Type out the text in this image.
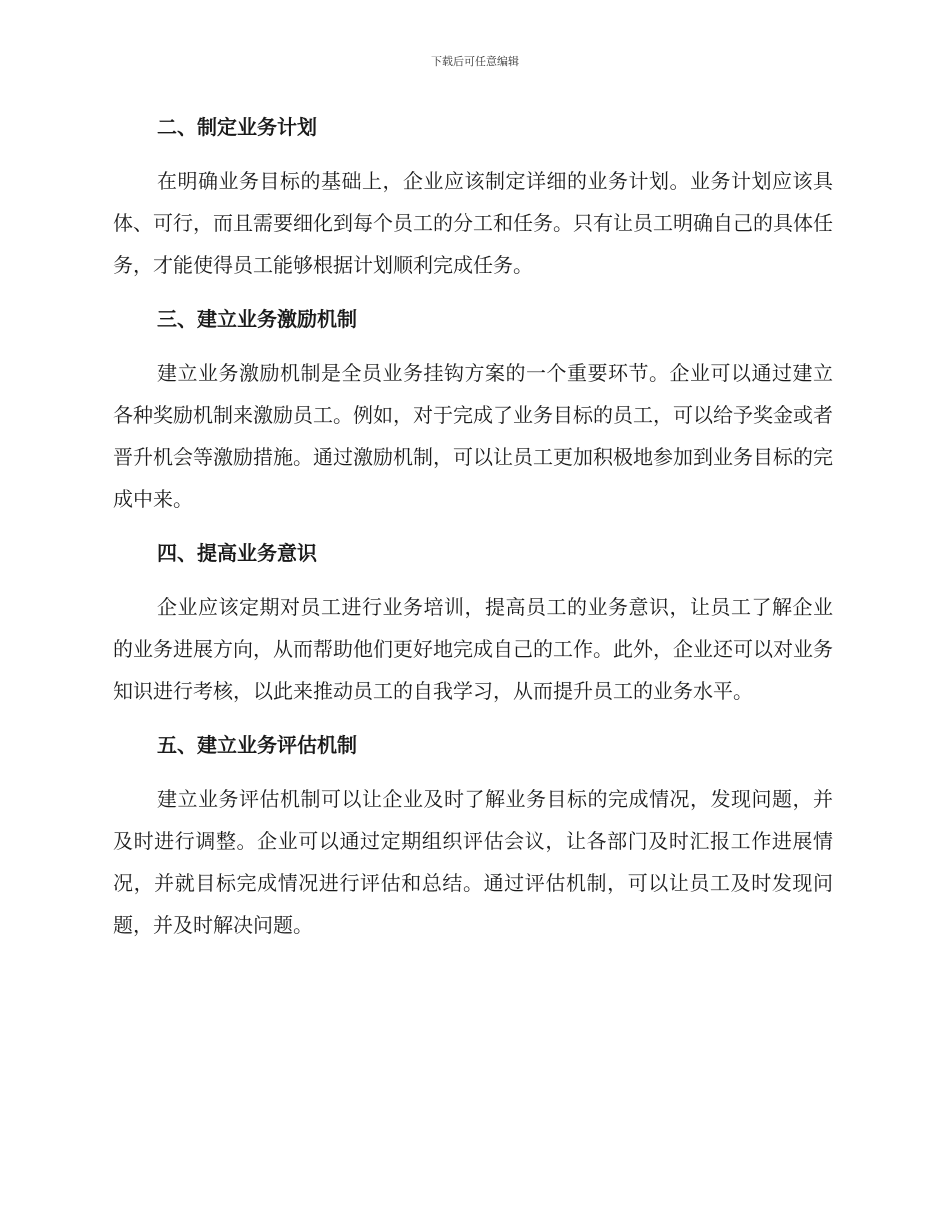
下载后可任意编辑
二、制定业务计划

在明确业务目标的基础上，企业应该制定详细的业务计划。业务计划应该具体、可行，而且需要细化到每个员工的分工和任务。只有让员工明确自己的具体任务，才能使得员工能够根据计划顺利完成任务。

三、建立业务激励机制

建立业务激励机制是全员业务挂钩方案的一个重要环节。企业可以通过建立各种奖励机制来激励员工。例如，对于完成了业务目标的员工，可以给予奖金或者晋升机会等激励措施。通过激励机制，可以让员工更加积极地参加到业务目标的完成中来。

四、提高业务意识

企业应该定期对员工进行业务培训，提高员工的业务意识，让员工了解企业的业务进展方向，从而帮助他们更好地完成自己的工作。此外，企业还可以对业务知识进行考核，以此来推动员工的自我学习，从而提升员工的业务水平。

五、建立业务评估机制

建立业务评估机制可以让企业及时了解业务目标的完成情况，发现问题，并及时进行调整。企业可以通过定期组织评估会议，让各部门及时汇报工作进展情况，并就目标完成情况进行评估和总结。通过评估机制，可以让员工及时发现问题，并及时解决问题。
